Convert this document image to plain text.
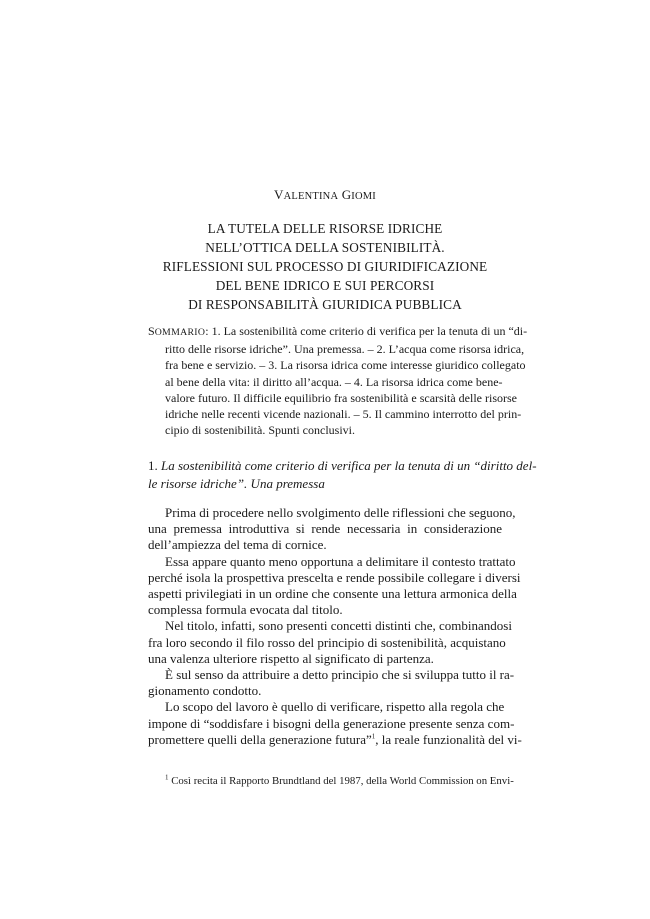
VALENTINA GIOMI
LA TUTELA DELLE RISORSE IDRICHE
NELL’OTTICA DELLA SOSTENIBILITÀ.
RIFLESSIONI SUL PROCESSO DI GIURIDIFICAZIONE
DEL BENE IDRICO E SUI PERCORSI
DI RESPONSABILITÀ GIURIDICA PUBBLICA
SOMMARIO: 1. La sostenibilità come criterio di verifica per la tenuta di un “di-
ritto delle risorse idriche”. Una premessa. – 2. L’acqua come risorsa idrica,
fra bene e servizio. – 3. La risorsa idrica come interesse giuridico collegato
al bene della vita: il diritto all’acqua. – 4. La risorsa idrica come bene-
valore futuro. Il difficile equilibrio fra sostenibilità e scarsità delle risorse
idriche nelle recenti vicende nazionali. – 5. Il cammino interrotto del prin-
cipio di sostenibilità. Spunti conclusivi.
1. La sostenibilità come criterio di verifica per la tenuta di un “diritto del-
le risorse idriche”. Una premessa
Prima di procedere nello svolgimento delle riflessioni che seguono,
una premessa introduttiva si rende necessaria in considerazione
dell’ampiezza del tema di cornice.
Essa appare quanto meno opportuna a delimitare il contesto trattato
perché isola la prospettiva prescelta e rende possibile collegare i diversi
aspetti privilegiati in un ordine che consente una lettura armonica della
complessa formula evocata dal titolo.
Nel titolo, infatti, sono presenti concetti distinti che, combinandosi
fra loro secondo il filo rosso del principio di sostenibilità, acquistano
una valenza ulteriore rispetto al significato di partenza.
È sul senso da attribuire a detto principio che si sviluppa tutto il ra-
gionamento condotto.
Lo scopo del lavoro è quello di verificare, rispetto alla regola che
impone di “soddisfare i bisogni della generazione presente senza com-
promettere quelli della generazione futura”$^1$, la reale funzionalità del vi-
$^1$ Così recita il Rapporto Brundtland del 1987, della World Commission on Envi-
